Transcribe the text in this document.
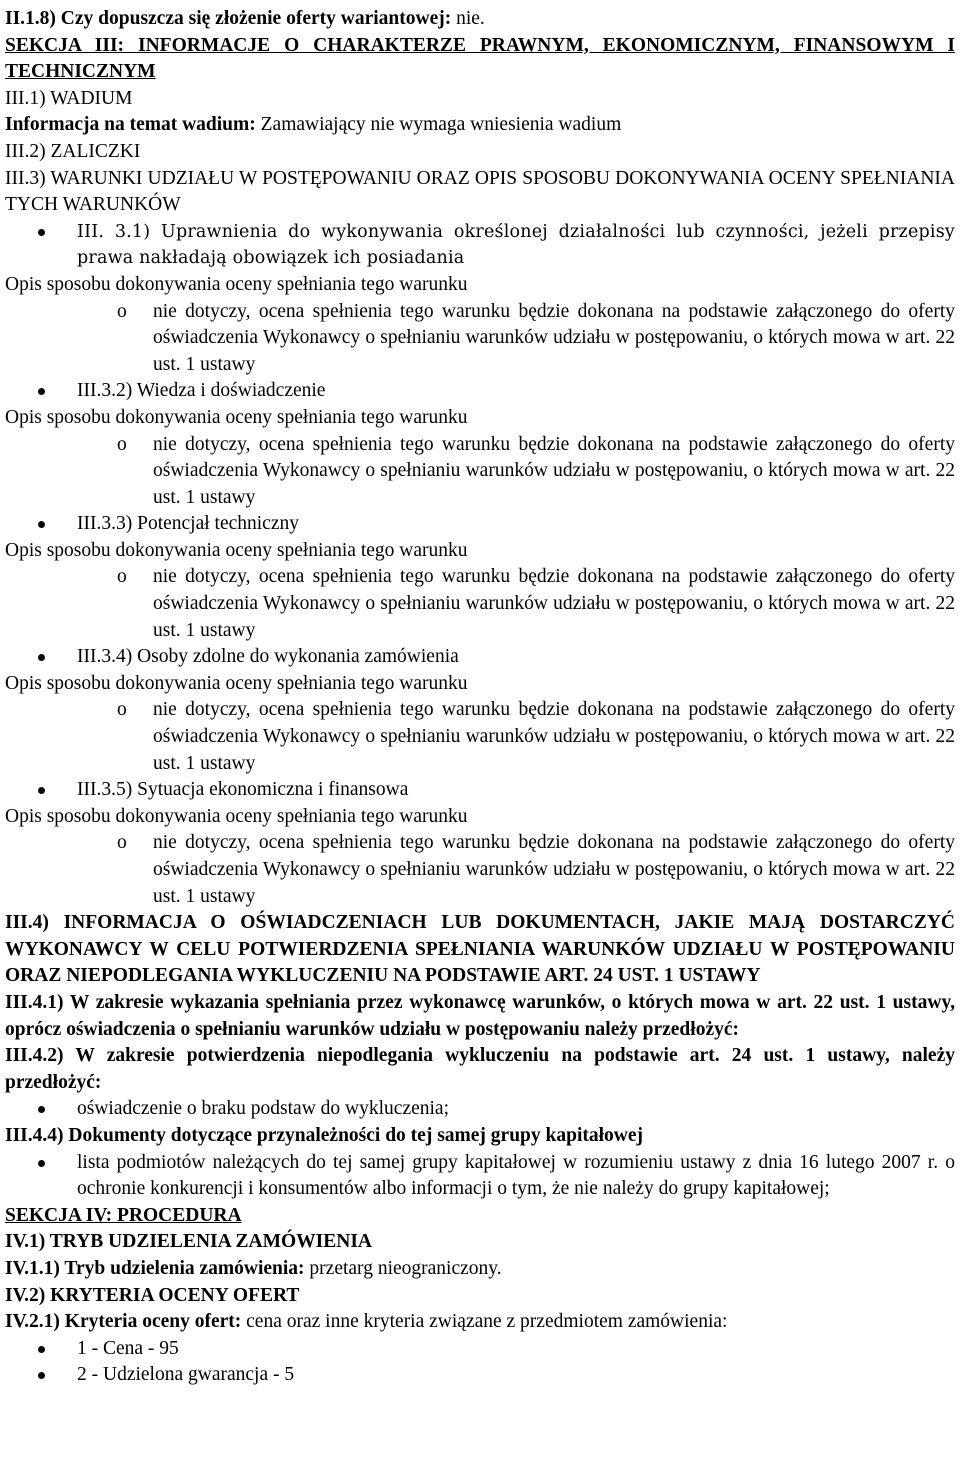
II.1.8) Czy dopuszcza się złożenie oferty wariantowej: nie.

SEKCJA III: INFORMACJE O CHARAKTERZE PRAWNYM, EKONOMICZNYM, FINANSOWYM I TECHNICZNYM

III.1) WADIUM

Informacja na temat wadium: Zamawiający nie wymaga wniesienia wadium

III.2) ZALICZKI

III.3) WARUNKI UDZIAŁU W POSTĘPOWANIU ORAZ OPIS SPOSOBU DOKONYWANIA OCENY SPEŁNIANIA TYCH WARUNKÓW

III. 3.1) Uprawnienia do wykonywania określonej działalności lub czynności, jeżeli przepisy prawa nakładają obowiązek ich posiadania

Opis sposobu dokonywania oceny spełniania tego warunku

o nie dotyczy, ocena spełnienia tego warunku będzie dokonana na podstawie załączonego do oferty oświadczenia Wykonawcy o spełnianiu warunków udziału w postępowaniu, o których mowa w art. 22 ust. 1 ustawy

III.3.2) Wiedza i doświadczenie

Opis sposobu dokonywania oceny spełniania tego warunku

o nie dotyczy, ocena spełnienia tego warunku będzie dokonana na podstawie załączonego do oferty oświadczenia Wykonawcy o spełnianiu warunków udziału w postępowaniu, o których mowa w art. 22 ust. 1 ustawy

III.3.3) Potencjał techniczny

Opis sposobu dokonywania oceny spełniania tego warunku

o nie dotyczy, ocena spełnienia tego warunku będzie dokonana na podstawie załączonego do oferty oświadczenia Wykonawcy o spełnianiu warunków udziału w postępowaniu, o których mowa w art. 22 ust. 1 ustawy

III.3.4) Osoby zdolne do wykonania zamówienia

Opis sposobu dokonywania oceny spełniania tego warunku

o nie dotyczy, ocena spełnienia tego warunku będzie dokonana na podstawie załączonego do oferty oświadczenia Wykonawcy o spełnianiu warunków udziału w postępowaniu, o których mowa w art. 22 ust. 1 ustawy

III.3.5) Sytuacja ekonomiczna i finansowa

Opis sposobu dokonywania oceny spełniania tego warunku

o nie dotyczy, ocena spełnienia tego warunku będzie dokonana na podstawie załączonego do oferty oświadczenia Wykonawcy o spełnianiu warunków udziału w postępowaniu, o których mowa w art. 22 ust. 1 ustawy

III.4) INFORMACJA O OŚWIADCZENIACH LUB DOKUMENTACH, JAKIE MAJĄ DOSTARCZYĆ WYKONAWCY W CELU POTWIERDZENIA SPEŁNIANIA WARUNKÓW UDZIAŁU W POSTĘPOWANIU ORAZ NIEPODLEGANIA WYKLUCZENIU NA PODSTAWIE ART. 24 UST. 1 USTAWY

III.4.1) W zakresie wykazania spełniania przez wykonawcę warunków, o których mowa w art. 22 ust. 1 ustawy, oprócz oświadczenia o spełnianiu warunków udziału w postępowaniu należy przedłożyć:

III.4.2) W zakresie potwierdzenia niepodlegania wykluczeniu na podstawie art. 24 ust. 1 ustawy, należy przedłożyć:

oświadczenie o braku podstaw do wykluczenia;

III.4.4) Dokumenty dotyczące przynależności do tej samej grupy kapitałowej

lista podmiotów należących do tej samej grupy kapitałowej w rozumieniu ustawy z dnia 16 lutego 2007 r. o ochronie konkurencji i konsumentów albo informacji o tym, że nie należy do grupy kapitałowej;

SEKCJA IV: PROCEDURA

IV.1) TRYB UDZIELENIA ZAMÓWIENIA

IV.1.1) Tryb udzielenia zamówienia: przetarg nieograniczony.

IV.2) KRYTERIA OCENY OFERT

IV.2.1) Kryteria oceny ofert: cena oraz inne kryteria związane z przedmiotem zamówienia:

1 - Cena - 95
2 - Udzielona gwarancja - 5
